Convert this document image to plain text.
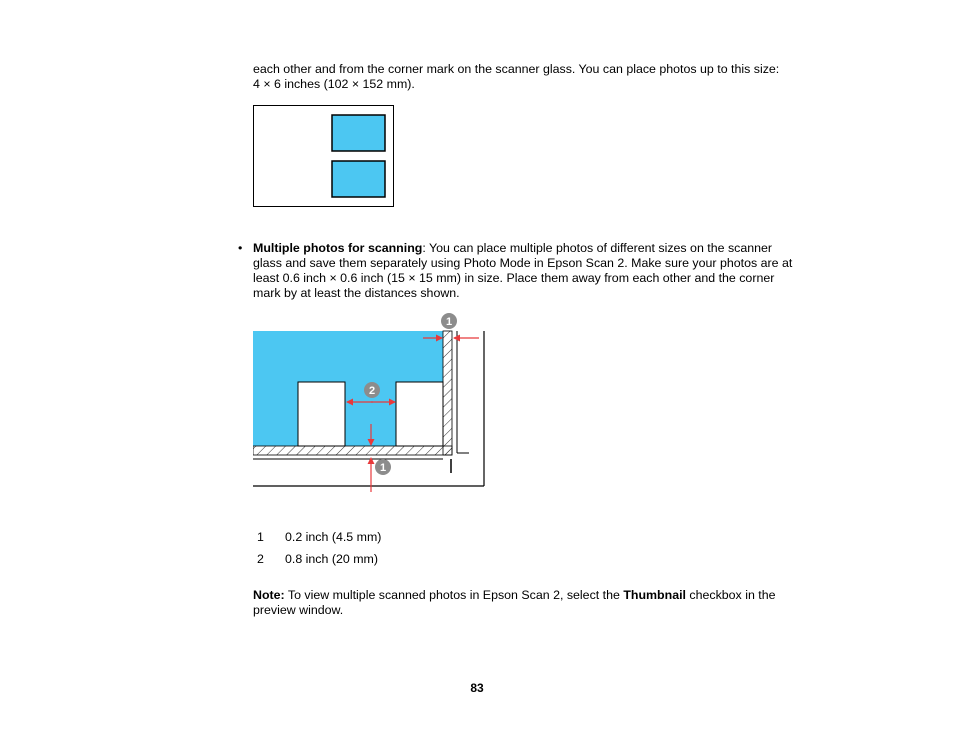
each other and from the corner mark on the scanner glass. You can place photos up to this size:
4 × 6 inches (102 × 152 mm).
• Multiple photos for scanning: You can place multiple photos of different sizes on the scanner
glass and save them separately using Photo Mode in Epson Scan 2. Make sure your photos are at
least 0.6 inch × 0.6 inch (15 × 15 mm) in size. Place them away from each other and the corner
mark by at least the distances shown.
1
2
1
1 0.2 inch (4.5 mm)
2 0.8 inch (20 mm)
Note: To view multiple scanned photos in Epson Scan 2, select the Thumbnail checkbox in the
preview window.
83
